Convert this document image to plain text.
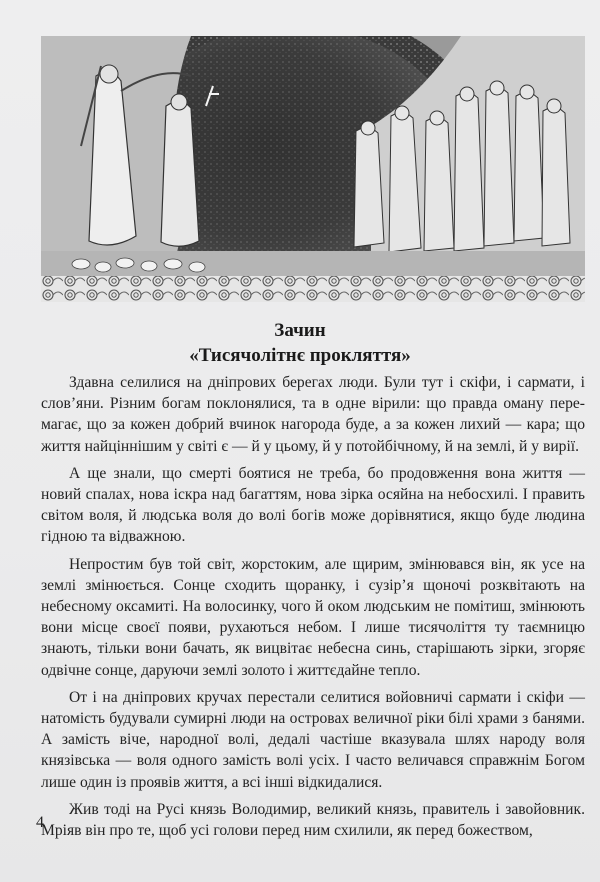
Зачин
«Тисячолітнє прокляття»

Здавна селилися на дніпрових берегах люди. Були тут і скіфи, і сармати, і слов’яни. Різним богам поклонялися, та в одне вірили: що правда оману перемагає, що за кожен добрий вчинок нагорода буде, а за кожен лихий — кара; що життя найціннішим у світі є — й у цьому, й у потойбічному, й на землі, й у вирії.

А ще знали, що смерті боятися не треба, бо продовження вона життя — новий спалах, нова іскра над багаттям, нова зірка осяйна на небосхилі. І править світом воля, й людська воля до волі богів може дорівнятися, якщо буде людина гідною та відважною.

Непростим був той світ, жорстоким, але щирим, змінювався він, як усе на землі змінюється. Сонце сходить щоранку, і сузір’я щоночі розквітають на небесному оксамиті. На волосинку, чого й оком людським не помітиш, змінюють вони місце своєї появи, рухаються небом. І лише тисячоліття ту таємницю знають, тільки вони бачать, як вицвітає небесна синь, старішають зірки, згоряє одвічне сонце, даруючи землі золото і життєдайне тепло.

От і на дніпрових кручах перестали селитися войовничі сармати і скіфи — натомість будували сумирні люди на островах величної ріки білі храми з банями. А замість віче, народної волі, дедалі частіше вказувала шлях народу воля князівська — воля одного замість волі усіх. І часто величався справжнім Богом лише один із проявів життя, а всі інші відкидалися.

Жив тоді на Русі князь Володимир, великий князь, правитель і завойовник. Мріяв він про те, щоб усі голови перед ним схилили, як перед божеством,

4
